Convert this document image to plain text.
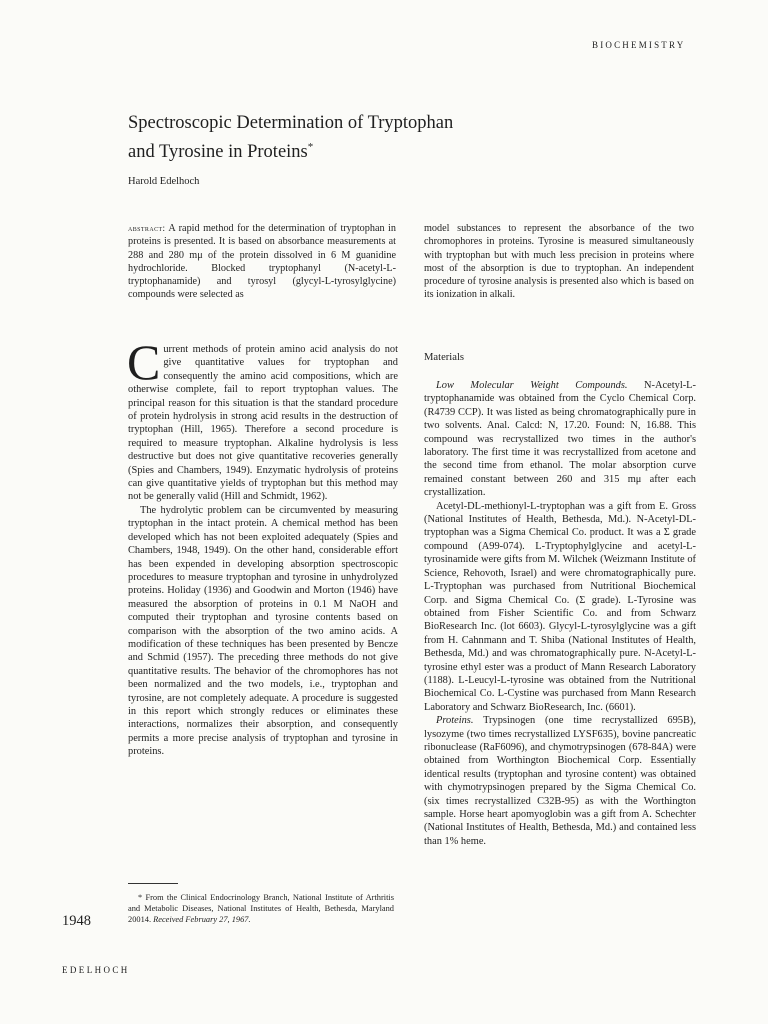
BIOCHEMISTRY
Spectroscopic Determination of Tryptophan
and Tyrosine in Proteins*
Harold Edelhoch
abstract: A rapid method for the determination of tryptophan in proteins is presented. It is based on absorbance measurements at 288 and 280 mμ of the protein dissolved in 6 M guanidine hydrochloride. Blocked tryptophanyl (N-acetyl-L-tryptophanamide) and tyrosyl (glycyl-L-tyrosylglycine) compounds were selected as
model substances to represent the absorbance of the two chromophores in proteins. Tyrosine is measured simultaneously with tryptophan but with much less precision in proteins where most of the absorption is due to tryptophan. An independent procedure of tyrosine analysis is presented also which is based on its ionization in alkali.

Current methods of protein amino acid analysis do not give quantitative values for tryptophan and consequently the amino acid compositions, which are otherwise complete, fail to report tryptophan values. The principal reason for this situation is that the standard procedure of protein hydrolysis in strong acid results in the destruction of tryptophan (Hill, 1965). Therefore a second procedure is required to measure tryptophan. Alkaline hydrolysis is less destructive but does not give quantitative recoveries generally (Spies and Chambers, 1949). Enzymatic hydrolysis of proteins can give quantitative yields of tryptophan but this method may not be generally valid (Hill and Schmidt, 1962).

The hydrolytic problem can be circumvented by measuring tryptophan in the intact protein. A chemical method has been developed which has not been exploited adequately (Spies and Chambers, 1948, 1949). On the other hand, considerable effort has been expended in developing absorption spectroscopic procedures to measure tryptophan and tyrosine in unhydrolyzed proteins. Holiday (1936) and Goodwin and Morton (1946) have measured the absorption of proteins in 0.1 M NaOH and computed their tryptophan and tyrosine contents based on comparison with the absorption of the two amino acids. A modification of these techniques has been presented by Bencze and Schmid (1957). The preceding three methods do not give quantitative results. The behavior of the chromophores has not been normalized and the two models, i.e., tryptophan and tyrosine, are not completely adequate. A procedure is suggested in this report which strongly reduces or eliminates these interactions, normalizes their absorption, and consequently permits a more precise analysis of tryptophan and tyrosine in proteins.

Materials

Low Molecular Weight Compounds. N-Acetyl-L-tryptophanamide was obtained from the Cyclo Chemical Corp. (R4739 CCP). It was listed as being chromatographically pure in two solvents. Anal. Calcd: N, 17.20. Found: N, 16.88. This compound was recrystallized two times in the author's laboratory. The first time it was recrystallized from acetone and the second time from ethanol. The molar absorption curve remained constant between 260 and 315 mμ after each crystallization.

Acetyl-DL-methionyl-L-tryptophan was a gift from E. Gross (National Institutes of Health, Bethesda, Md.). N-Acetyl-DL-tryptophan was a Sigma Chemical Co. product. It was a Σ grade compound (A99-074). L-Tryptophylglycine and acetyl-L-tyrosinamide were gifts from M. Wilchek (Weizmann Institute of Science, Rehovoth, Israel) and were chromatographically pure. L-Tryptophan was purchased from Nutritional Biochemical Corp. and Sigma Chemical Co. (Σ grade). L-Tyrosine was obtained from Fisher Scientific Co. and from Schwarz BioResearch Inc. (lot 6603). Glycyl-L-tyrosylglycine was a gift from H. Cahnmann and T. Shiba (National Institutes of Health, Bethesda, Md.) and was chromatographically pure. N-Acetyl-L-tyrosine ethyl ester was a product of Mann Research Laboratory (1188). L-Leucyl-L-tyrosine was obtained from the Nutritional Biochemical Co. L-Cystine was purchased from Mann Research Laboratory and Schwarz BioResearch, Inc. (6601).

Proteins. Trypsinogen (one time recrystallized 695B), lysozyme (two times recrystallized LYSF635), bovine pancreatic ribonuclease (RaF6096), and chymotrypsinogen (678-84A) were obtained from Worthington Biochemical Corp. Essentially identical results (tryptophan and tyrosine content) was obtained with chymotrypsinogen prepared by the Sigma Chemical Co. (six times recrystallized C32B-95) as with the Worthington sample. Horse heart apomyoglobin was a gift from A. Schechter (National Institutes of Health, Bethesda, Md.) and contained less than 1% heme.

* From the Clinical Endocrinology Branch, National Institute of Arthritis and Metabolic Diseases, National Institutes of Health, Bethesda, Maryland 20014. Received February 27, 1967.
1948
EDELHOCH
